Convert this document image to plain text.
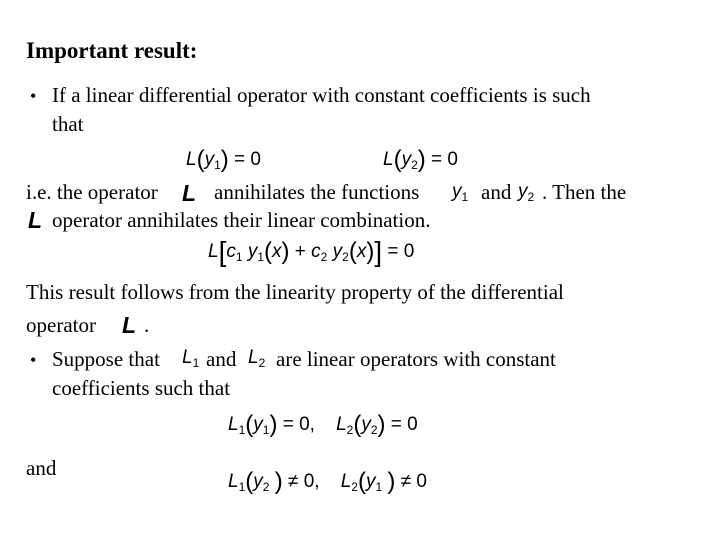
Important result:
• If a linear differential operator with constant coefficients is such
that
$L(y_1) = 0$	$L(y_2) = 0$
i.e. the operator L annihilates the functions $y_1$ and $y_2$ . Then the
L operator annihilates their linear combination.
$L[c_1$ $y_1(x) + c_2$ $y_2(x)] = 0$
This result follows from the linearity property of the differential
operator L .
• Suppose that $L_1$ and $L_2$ are linear operators with constant
coefficients such that
$L_1(y_1) = 0$,    $L_2(y_2) = 0$
and
$L_1(y_2$ ) ≠ 0,    $L_2(y_1$ ) ≠ 0
